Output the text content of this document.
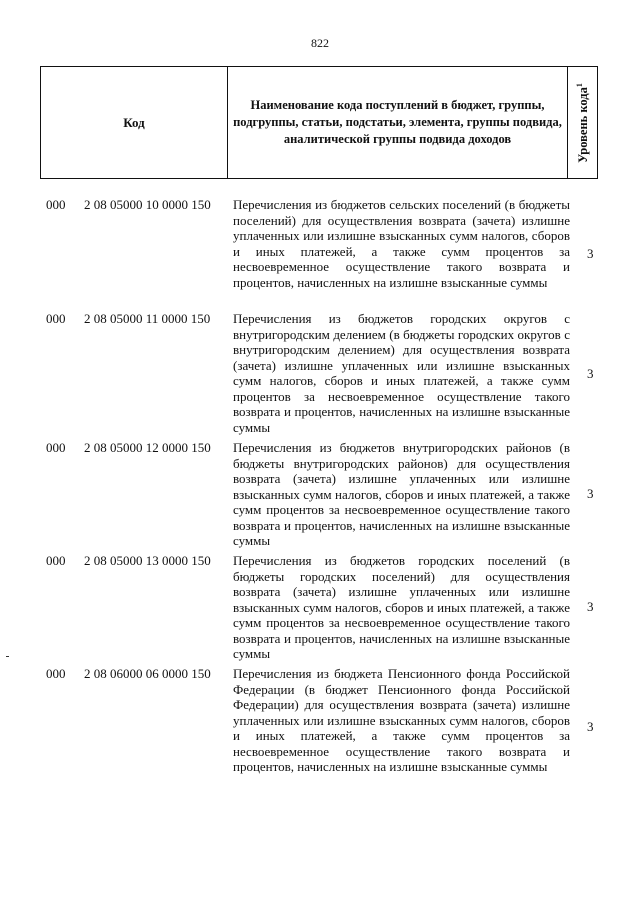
822
Код
Наименование кода поступлений в бюджет, группы, подгруппы, статьи, подстатьи, элемента, группы подвида, аналитической группы подвида доходов	Уровень кода$^1$
000 2 08 05000 10 0000 150 Перечисления из бюджетов сельских поселений (в бюджеты поселений) для осуществления возврата (зачета) излишне уплаченных или излишне взысканных сумм налогов, сборов и иных платежей, а также сумм процентов за несвоевременное осуществление такого возврата и процентов, начисленных на излишне взысканные суммы
3
000 2 08 05000 11 0000 150 Перечисления из бюджетов городских округов с внутригородским делением (в бюджеты городских округов с внутригородским делением) для осуществления возврата (зачета) излишне уплаченных или излишне взысканных сумм налогов, сборов и иных платежей, а также сумм процентов за несвоевременное осуществление такого возврата и процентов, начисленных на излишне взысканные суммы
3
000 2 08 05000 12 0000 150 Перечисления из бюджетов внутригородских районов (в бюджеты внутригородских районов) для осуществления возврата (зачета) излишне уплаченных или излишне взысканных сумм налогов, сборов и иных платежей, а также сумм процентов за несвоевременное осуществление такого возврата и процентов, начисленных на излишне взысканные суммы
3
000 2 08 05000 13 0000 150 Перечисления из бюджетов городских поселений (в бюджеты городских поселений) для осуществления возврата (зачета) излишне уплаченных или излишне взысканных сумм налогов, сборов и иных платежей, а также сумм процентов за несвоевременное осуществление такого возврата и процентов, начисленных на излишне взысканные суммы
3
000 2 08 06000 06 0000 150 Перечисления из бюджета Пенсионного фонда Российской Федерации (в бюджет Пенсионного фонда Российской Федерации) для осуществления возврата (зачета) излишне уплаченных или излишне взысканных сумм налогов, сборов и иных платежей, а также сумм процентов за несвоевременное осуществление такого возврата и процентов, начисленных на излишне взысканные суммы
3
